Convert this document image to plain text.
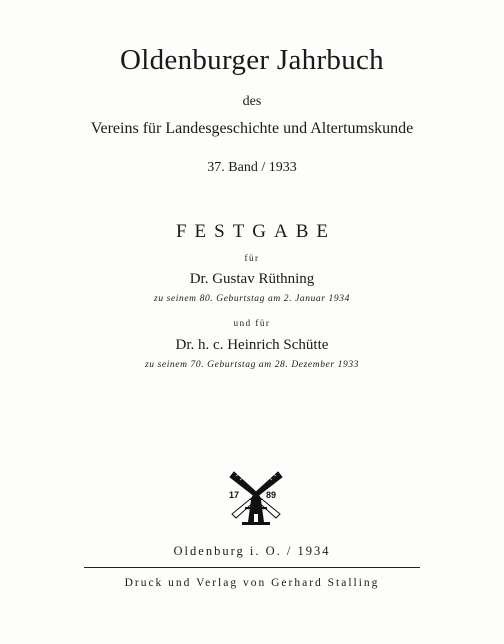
Oldenburger Jahrbuch
des
Vereins für Landesgeschichte und Altertumskunde
37. Band / 1933
FESTGABE
für
Dr. Gustav Rüthning
zu seinem 80. Geburtstag am 2. Januar 1934
und für
Dr. h. c. Heinrich Schütte
zu seinem 70. Geburtstag am 28. Dezember 1933
17	89
Oldenburg i. O. / 1934
Druck und Verlag von Gerhard Stalling
